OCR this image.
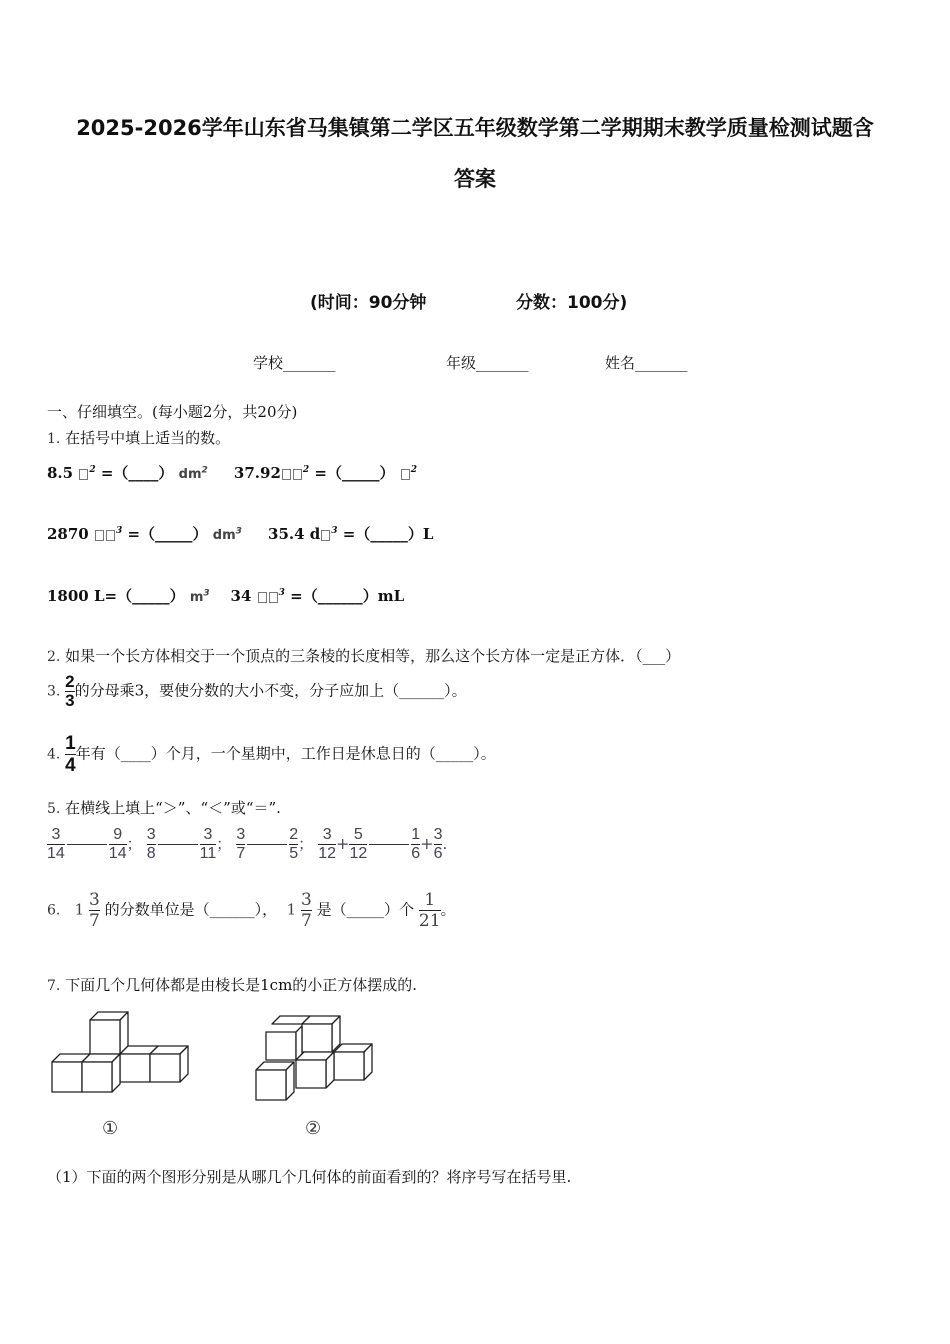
2025-2026学年山东省马集镇第二学区五年级数学第二学期期末教学质量检测试题含
答案
(时间：90分钟	分数：100分)
学校_______	年级_______	姓名_______
一、仔细填空。(每小题2分，共20分)
1. 在括号中填上适当的数。
8.5 $^2$ =（____） $dm^2$ 37.92 $^2$ =（_____） $^2$
2870	$^3$ =（_____） $dm^3$ 35.4 d $^3$ =（_____）L
1800 L=（_____） $m^3$ 34	$^3$ =（______）mL
2. 如果一个长方体相交于一个顶点的三条棱的长度相等，那么这个长方体一定是正方体．（___）
3. $\frac{2}{3}$ 的分母乘3，要使分数的大小不变，分子应加上（______）。
4. $\frac{1}{4}$ 年有（____）个月，一个星期中，工作日是休息日的（_____）。
5. 在横线上填上“＞”、“＜”或“＝”.
$\frac{3}{14}$	$\frac{9}{14}$ ； $\frac{3}{8}$	$\frac{3}{11}$ ； $\frac{3}{7}$	$\frac{2}{5}$ ； $\frac{3}{12} + \frac{5}{12}$	$\frac{1}{6} + \frac{3}{6}$ .
6. $1 \frac{3}{7}$ 的分数单位是（______）， $1 \frac{3}{7}$ 是（_____）个 $\frac{1}{21}$ 。
7. 下面几个几何体都是由棱长是1cm的小正方体摆成的.
①	②
（1）下面的两个图形分别是从哪几个几何体的前面看到的？将序号写在括号里.
